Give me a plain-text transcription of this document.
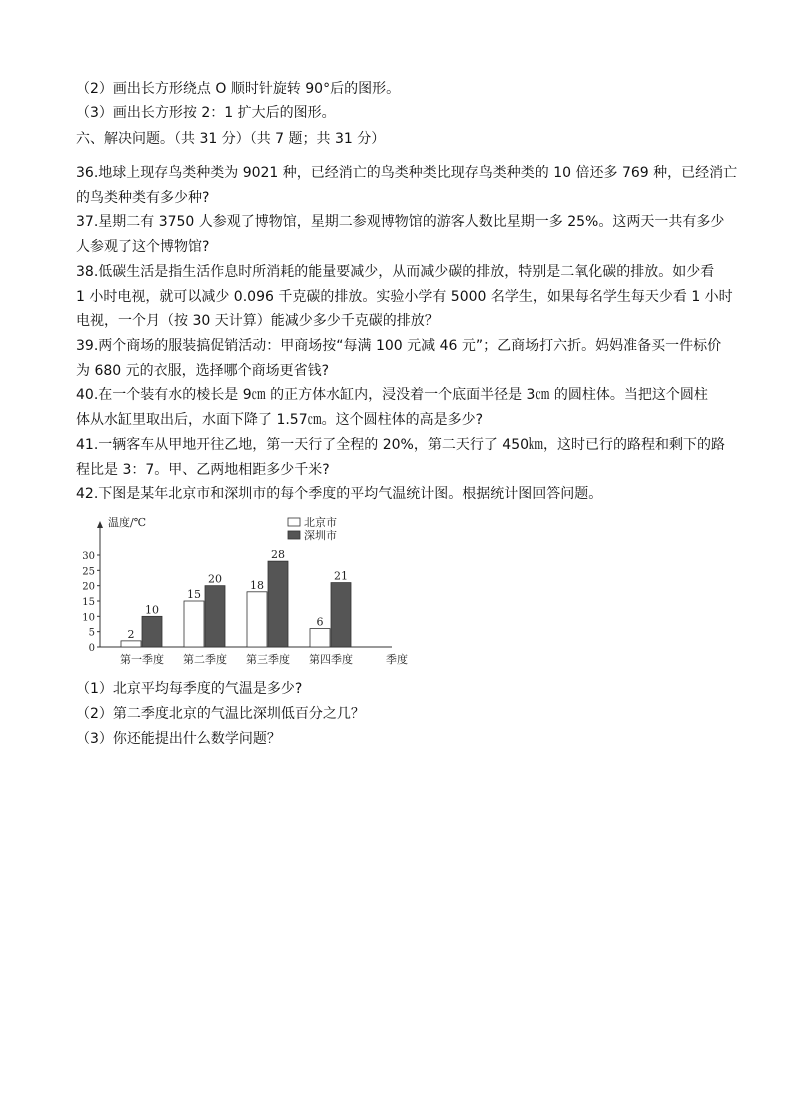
（2）画出长方形绕点 O 顺时针旋转 90°后的图形。
（3）画出长方形按 2：1 扩大后的图形。
六、解决问题。（共 31 分）（共 7 题；共 31 分）
36.地球上现存鸟类种类为 9021 种，已经消亡的鸟类种类比现存鸟类种类的 10 倍还多 769 种，已经消亡
的鸟类种类有多少种?
37.星期二有 3750 人参观了博物馆，星期二参观博物馆的游客人数比星期一多 25%。这两天一共有多少
人参观了这个博物馆?
38.低碳生活是指生活作息时所消耗的能量要减少，从而减少碳的排放，特别是二氧化碳的排放。如少看
1 小时电视，就可以减少 0.096 千克碳的排放。实验小学有 5000 名学生，如果每名学生每天少看 1 小时
电视，一个月（按 30 天计算）能减少多少千克碳的排放？
39.两个商场的服装搞促销活动：甲商场按“每满 100 元减 46 元”；乙商场打六折。妈妈准备买一件标价
为 680 元的衣服，选择哪个商场更省钱?
40.在一个装有水的棱长是 9㎝ 的正方体水缸内，浸没着一个底面半径是 3㎝ 的圆柱体。当把这个圆柱
体从水缸里取出后，水面下降了 1.57㎝。这个圆柱体的高是多少?
41.一辆客车从甲地开往乙地，第一天行了全程的 20%，第二天行了 450㎞，这时已行的路程和剩下的路
程比是 3：7。甲、乙两地相距多少千米?
42.下图是某年北京市和深圳市的每个季度的平均气温统计图。根据统计图回答问题。
（1）北京平均每季度的气温是多少?
（2）第二季度北京的气温比深圳低百分之几？
（3）你还能提出什么数学问题？
温度/℃
0
5
10
15
20
25
30
2
10
第一季度
15
20
第二季度
18
28
第三季度
6
21
第四季度	季度
北京市
深圳市
